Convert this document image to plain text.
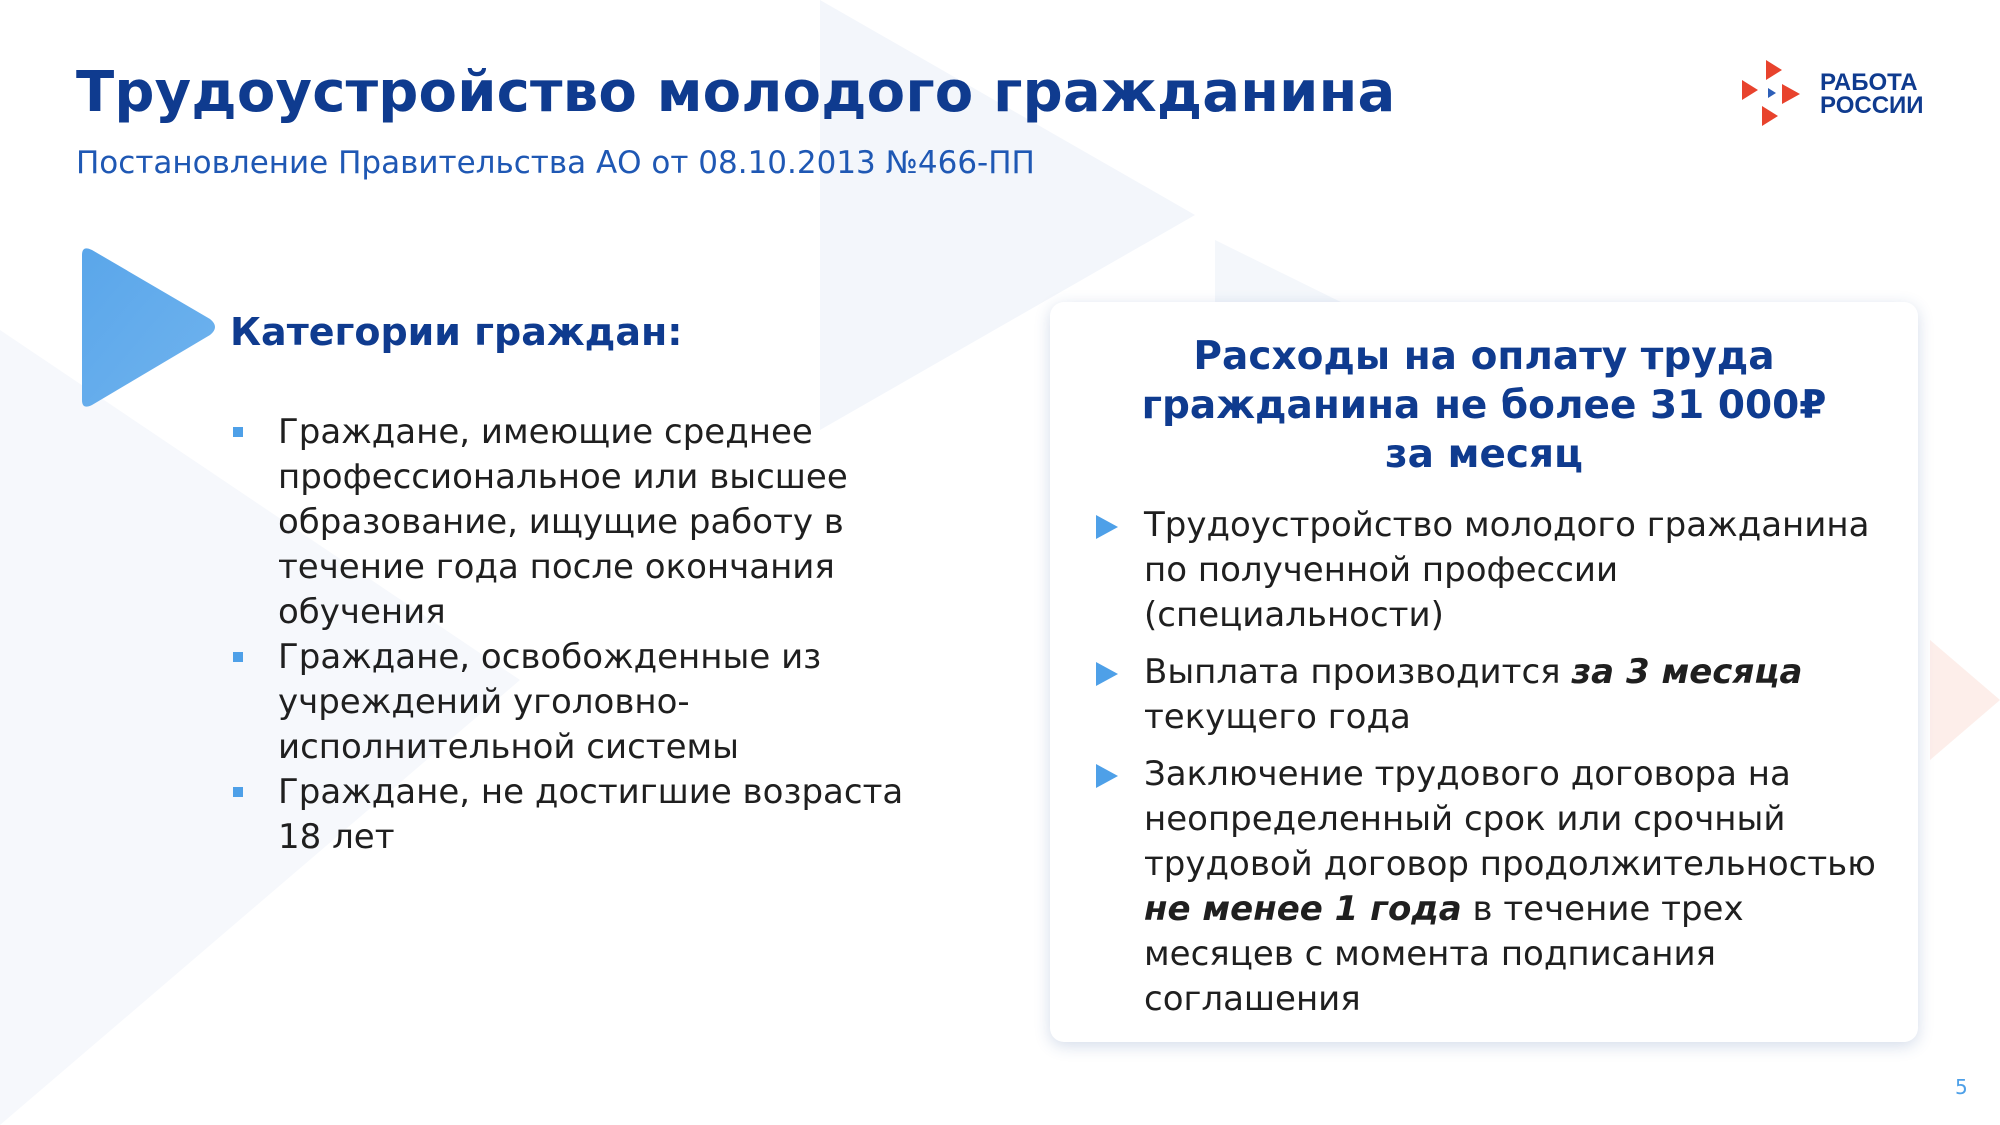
Трудоустройство молодого гражданина
Постановление Правительства АО от 08.10.2013 №466-ПП
РАБОТА
РОССИИ
Категории граждан:
Граждане, имеющие среднее профессиональное или высшее образование, ищущие работу в течение года после окончания обучения
Граждане, освобожденные из учреждений уголовно-исполнительной системы
Граждане, не достигшие возраста 18 лет
Расходы на оплату труда
гражданина не более 31 000₽
за месяц
Трудоустройство молодого гражданина по полученной профессии (специальности)
Выплата производится за 3 месяца текущего года
Заключение трудового договора на неопределенный срок или срочный трудовой договор продолжительностью не менее 1 года в течение трех месяцев с момента подписания соглашения
5
